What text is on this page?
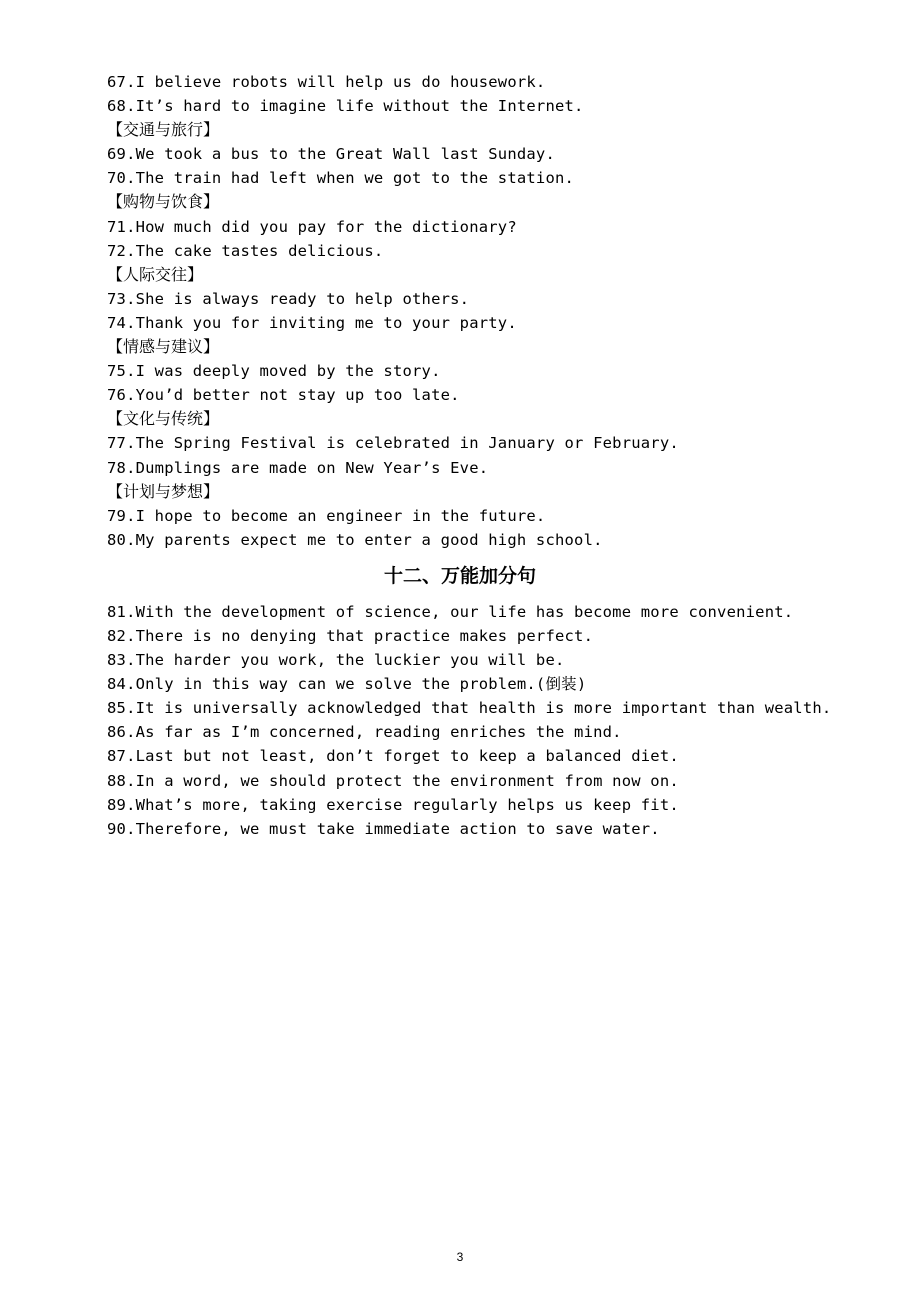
67.I believe robots will help us do housework.
68.It’s hard to imagine life without the Internet.
【交通与旅行】
69.We took a bus to the Great Wall last Sunday.
70.The train had left when we got to the station.
【购物与饮食】
71.How much did you pay for the dictionary?
72.The cake tastes delicious.
【人际交往】
73.She is always ready to help others.
74.Thank you for inviting me to your party.
【情感与建议】
75.I was deeply moved by the story.
76.You’d better not stay up too late.
【文化与传统】
77.The Spring Festival is celebrated in January or February.
78.Dumplings are made on New Year’s Eve.
【计划与梦想】
79.I hope to become an engineer in the future.
80.My parents expect me to enter a good high school.
十二、万能加分句
81.With the development of science, our life has become more convenient.
82.There is no denying that practice makes perfect.
83.The harder you work, the luckier you will be.
84.Only in this way can we solve the problem.(倒装)
85.It is universally acknowledged that health is more important than wealth.
86.As far as I’m concerned, reading enriches the mind.
87.Last but not least, don’t forget to keep a balanced diet.
88.In a word, we should protect the environment from now on.
89.What’s more, taking exercise regularly helps us keep fit.
90.Therefore, we must take immediate action to save water.
3
